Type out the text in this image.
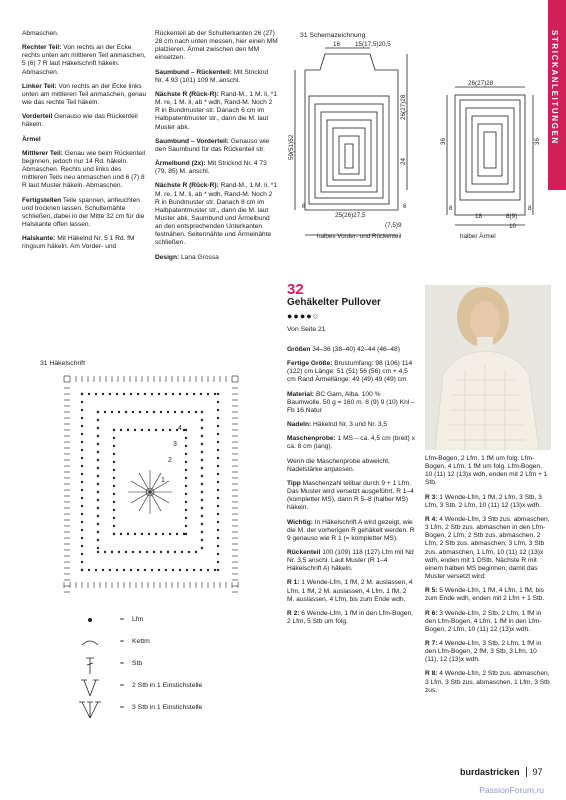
STRICKANLEITUNGEN

Abmaschen.

Rechter Teil: Von rechts an der Ecke rechts unten am mittleren Teil anmaschen, 5 (6) 7 R laut Häkelschrift häkeln. Abmaschen.

Linker Teil: Von rechts an der Ecke links unten am mittleren Teil anmaschen, genau wie das rechte Teil häkeln.

Vorderteil Genauso wie das Rückenteil häkeln.

Ärmel

Mittlerer Teil: Genau wie beim Rückenteil beginnen, jedoch nur 14 Rd. häkeln. Abmaschen. Rechts und links des mittleren Teils neu anmaschen und 6 (7) 8 R laut Muster häkeln. Abmaschen.

Fertigstellen Teile spannen, anfeuchten und trocknen lassen. Schulternähte schließen, dabei in der Mitte 32 cm für die Halskante offen lassen.

Halskante: Mit Häkelnd Nr. 5 1 Rd. fM ringsum häkeln. Am Vorder- und

Rückenteil ab der Schulterkanten 26 (27) 28 cm nach unten messen, hier einen MM platzieren. Ärmel zwischen den MM einsetzen.

Saumbund – Rückenteil: Mit Stricknd Nr. 4 93 (101) 109 M. anschl.

Nächste R (Rück-R): Rand-M., 1 M. li, *1 M. re, 1 M. li, ab * wdh, Rand-M. Noch 2 R in Bundmuster str. Danach 6 cm im Halbpatentmuster str., dann die M. laut Muster abk.

Saumbund – Vorderteil: Genauso wie den Saumbund für das Rückenteil str.

Ärmelbund (2x): Mit Stricknd Nr. 4 73 (79, 85) M. anschl.

Nächste R (Rück-R): Rand-M., 1 M. li, *1 M. re, 1 M. li, ab * wdh, Rand-M. Noch 2 R in Bundmuster str. Danach 8 cm im Halbpatentmuster str., dann die M. laut Muster abk. Saumbund und Ärmelbund an den entsprechenden Unterkanten festnähen. Seitennähte und Ärmelnähte schließen.

Design: Lana Grossa

31 Schemazeichnung
16 15(17,5)20,5
59(51)52
26(27)28
24
6	6
25(26)27,5
(7,5)9
halbes Vorder- und Rückenteil
26(27)28
36	36
8	8
18	8(9)
10
halber Ärmel
32
Gehäkelter Pullover
●●●●○
Von Seite 21

Größen 34–36 (38–40) 42–44 (46–48)

Fertige Größe: Brustumfang: 98 (106) 114 (122) cm Länge: 51 (51) 56 (56) cm + 4,5 cm Rand Ärmellänge: 49 (49) 49 (49) cm

Material: BC Garn, Alba. 100 % Baumwolle. 50 g = 160 m. 8 (9) 9 (10) Knl – Fb 16 Natur

Nadeln: Häkelnd Nr. 3 und Nr. 3,5

Maschenprobe: 1 MS – ca. 4,5 cm (breit) x ca. 8 cm (lang).

Wenn die Maschenprobe abweicht, Nadelstärke anpassen.

Tipp Maschenzahl teilbar durch 9 + 1 Lfm. Das Muster wird versetzt ausgeführt. R 1–4 (kompletter MS), dann R 5–8 (halber MS) häkeln.

Wichtig: In Häkelschrift A wird gezeigt, wie die M. der vorherigen R gehäkelt werden. R 9 genauso wie R 1 (= kompletter MS).

Rückenteil 100 (109) 118 (127) Lfm mit Nd Nr. 3,5 anschl. Laut Muster (R 1–4 Häkelschrift A) häkeln.

R 1: 1 Wende-Lfm, 1 fM, 2 M. auslassen, 4 Lfm, 1 fM, 2 M. auslassen, 4 Lfm, 1 fM, 2 M. auslassen, 4 Lfm, bis zum Ende wdh.

R 2: 6 Wende-Lfm, 1 fM in den Lfm-Bogen, 2 Lfm, 5 Stb um folg.

Lfm-Bogen, 2 Lfm, 1 fM um folg. Lfm-Bogen, 4 Lfm, 1 fM um folg. Lfm-Bogen, 10 (11) 12 (13)x wdh, enden mit 2 Lfm + 1 Stb.

R 3: 1 Wende-Lfm, 1 fM, 2 Lfm, 3 Stb, 3 Lfm, 3 Stb, 2 Lfm, 10 (11) 12 (13)x wdh.

R 4: 4 Wende-Lfm, 3 Stb zus. abmaschen, 3 Lfm, 2 Stb zus. abmaschen in den Lfm-Bogen, 2 Lfm, 2 Stb zus. abmaschen, 2 Lfm, 2 Stb zus. abmaschen, 3 Lfm, 3 Stb zus. abmaschen, 1 Lfm, 10 (11) 12 (13)x wdh, enden mit 1 DStb. Nächste R mit einem halben MS beginnen, damit das Muster versetzt wird:

R 5: 5 Wende-Lfm, 1 fM, 4 Lfm, 1 fM, bis zum Ende wdh, enden mit 2 Lfm + 1 Stb.

R 6: 3 Wende-Lfm, 2 Stb, 2 Lfm, 1 fM in den Lfm-Bogen, 4 Lfm, 1 fM in den Lfm-Bogen, 2 Lfm, 10 (11) 12 (13)x wdh.

R 7: 4 Wende-Lfm, 3 Stb, 2 Lfm, 1 fM in den Lfm-Bogen, 2 fM, 3 Stb, 3 Lfm, 10 (11), 12 (13)x wdh.

R 8: 4 Wende-Lfm, 2 Stb zus. abmaschen, 3 Lfm, 3 Stb zus. abmaschen, 1 Lfm, 3 Stb zus.

31 Häkelschrift
4
3
2
1
= Lfm
= Kettm
= Stb
= 2 Stb in 1 Einstichstelle
= 3 Stb in 1 Einstichstelle
burdastricken 97
PassionForum.ru
